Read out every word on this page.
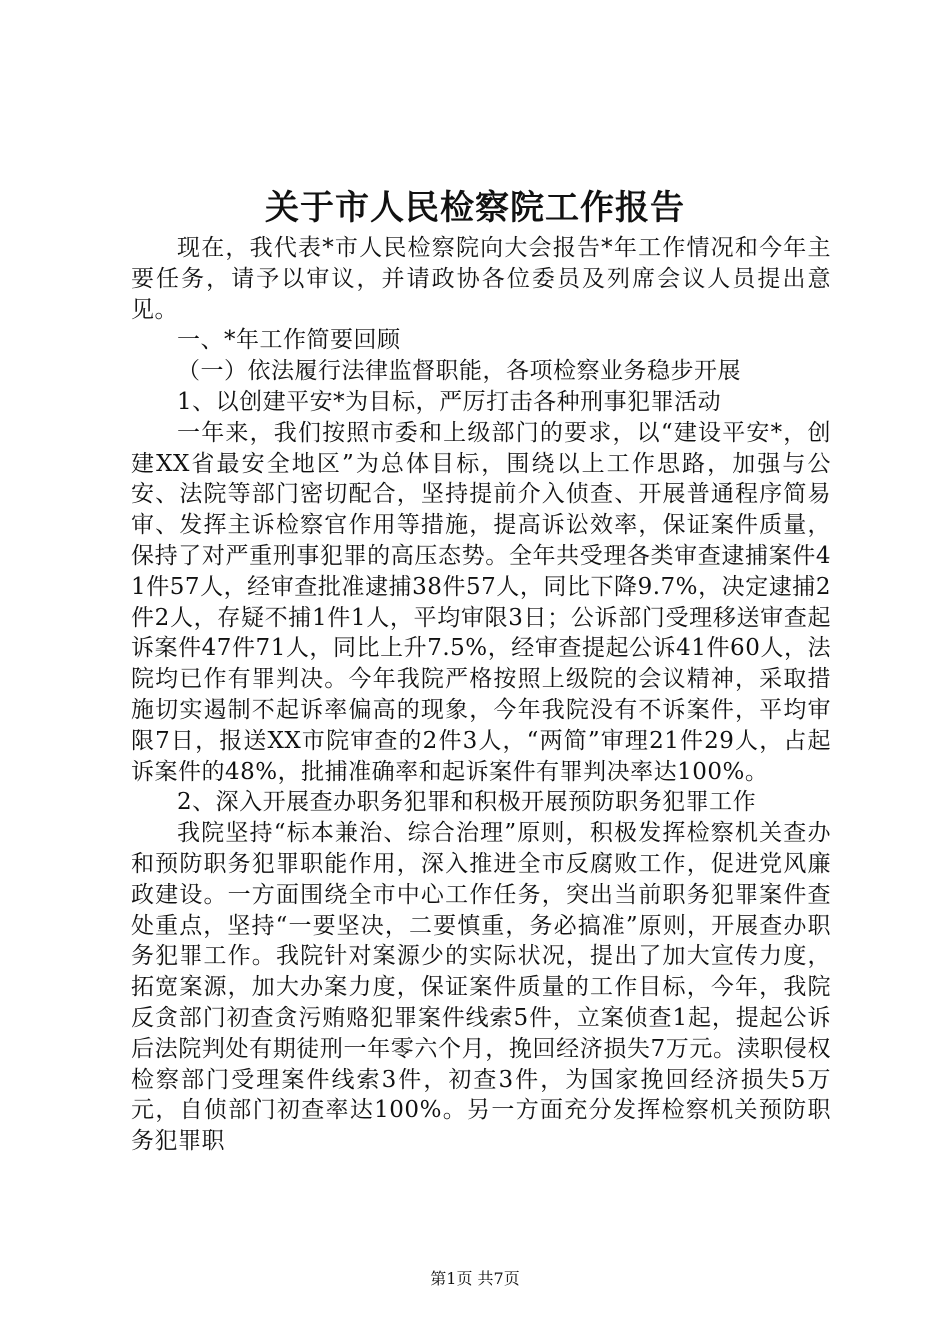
关于市人民检察院工作报告

现在，我代表*市人民检察院向大会报告*年工作情况和今年主要任务，请予以审议，并请政协各位委员及列席会议人员提出意见。

一、*年工作简要回顾

（一）依法履行法律监督职能，各项检察业务稳步开展

1、以创建平安*为目标，严厉打击各种刑事犯罪活动

一年来，我们按照市委和上级部门的要求，以“建设平安*，创建XX省最安全地区”为总体目标，围绕以上工作思路，加强与公安、法院等部门密切配合，坚持提前介入侦查、开展普通程序简易审、发挥主诉检察官作用等措施，提高诉讼效率，保证案件质量，保持了对严重刑事犯罪的高压态势。全年共受理各类审查逮捕案件41件57人，经审查批准逮捕38件57人，同比下降9.7%，决定逮捕2件2人，存疑不捕1件1人，平均审限3日；公诉部门受理移送审查起诉案件47件71人，同比上升7.5%，经审查提起公诉41件60人，法院均已作有罪判决。今年我院严格按照上级院的会议精神，采取措施切实遏制不起诉率偏高的现象，今年我院没有不诉案件，平均审限7日，报送XX市院审查的2件3人，“两简”审理21件29人，占起诉案件的48%，批捕准确率和起诉案件有罪判决率达100%。

2、深入开展查办职务犯罪和积极开展预防职务犯罪工作

我院坚持“标本兼治、综合治理”原则，积极发挥检察机关查办和预防职务犯罪职能作用，深入推进全市反腐败工作，促进党风廉政建设。一方面围绕全市中心工作任务，突出当前职务犯罪案件查处重点，坚持“一要坚决，二要慎重，务必搞准”原则，开展查办职务犯罪工作。我院针对案源少的实际状况，提出了加大宣传力度，拓宽案源，加大办案力度，保证案件质量的工作目标，今年，我院反贪部门初查贪污贿赂犯罪案件线索5件，立案侦查1起，提起公诉后法院判处有期徒刑一年零六个月，挽回经济损失7万元。渎职侵权检察部门受理案件线索3件，初查3件，为国家挽回经济损失5万元，自侦部门初查率达100%。另一方面充分发挥检察机关预防职务犯罪职

第1页 共7页
